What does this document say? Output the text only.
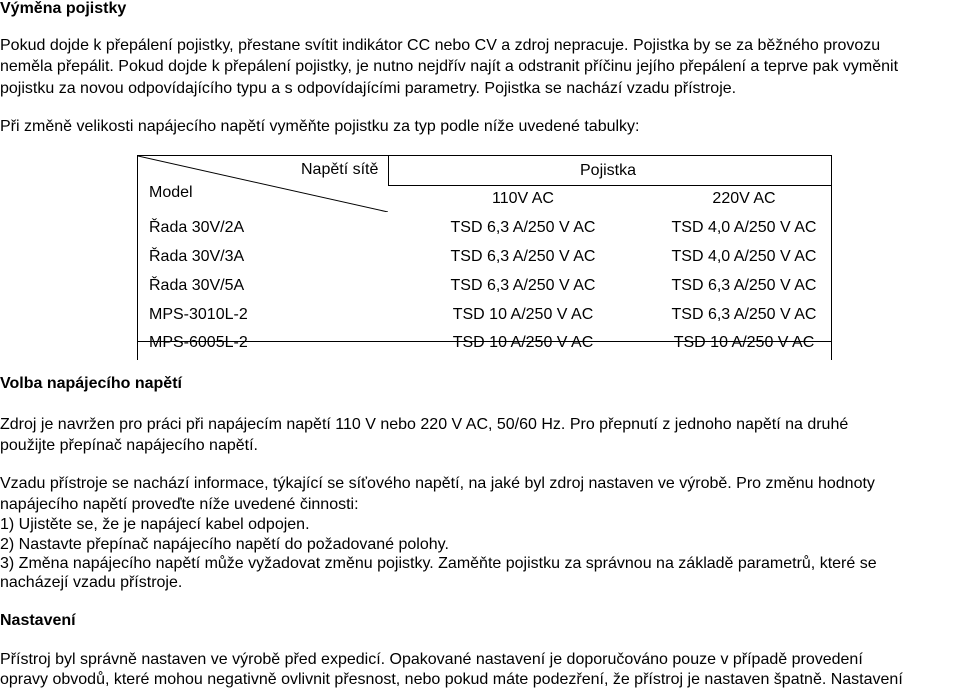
Výměna pojistky
Pokud dojde k přepálení pojistky, přestane svítit indikátor CC nebo CV a zdroj nepracuje. Pojistka by se za běžného provozu
neměla přepálit. Pokud dojde k přepálení pojistky, je nutno nejdřív najít a odstranit příčinu jejího přepálení a teprve pak vyměnit
pojistku za novou odpovídajícího typu a s odpovídajícími parametry. Pojistka se nachází vzadu přístroje.
Při změně velikosti napájecího napětí vyměňte pojistku za typ podle níže uvedené tabulky:
Napětí sítě	Pojistka
Model	110V AC	220V AC
Řada 30V/2A	TSD 6,3 A/250 V AC	TSD 4,0 A/250 V AC
Řada 30V/3A	TSD 6,3 A/250 V AC	TSD 4,0 A/250 V AC
Řada 30V/5A	TSD 6,3 A/250 V AC	TSD 6,3 A/250 V AC
MPS-3010L-2	TSD 10 A/250 V AC	TSD 6,3 A/250 V AC
MPS-6005L-2	TSD 10 A/250 V AC	TSD 10 A/250 V AC
Volba napájecího napětí
Zdroj je navržen pro práci při napájecím napětí 110 V nebo 220 V AC, 50/60 Hz. Pro přepnutí z jednoho napětí na druhé
použijte přepínač napájecího napětí.
Vzadu přístroje se nachází informace, týkající se síťového napětí, na jaké byl zdroj nastaven ve výrobě. Pro změnu hodnoty
napájecího napětí proveďte níže uvedené činnosti:
1) Ujistěte se, že je napájecí kabel odpojen.
2) Nastavte přepínač napájecího napětí do požadované polohy.
3) Změna napájecího napětí může vyžadovat změnu pojistky. Zaměňte pojistku za správnou na základě parametrů, které se
nacházejí vzadu přístroje.
Nastavení
Přístroj byl správně nastaven ve výrobě před expedicí. Opakované nastavení je doporučováno pouze v případě provedení
opravy obvodů, které mohou negativně ovlivnit přesnost, nebo pokud máte podezření, že přístroj je nastaven špatně. Nastavení
